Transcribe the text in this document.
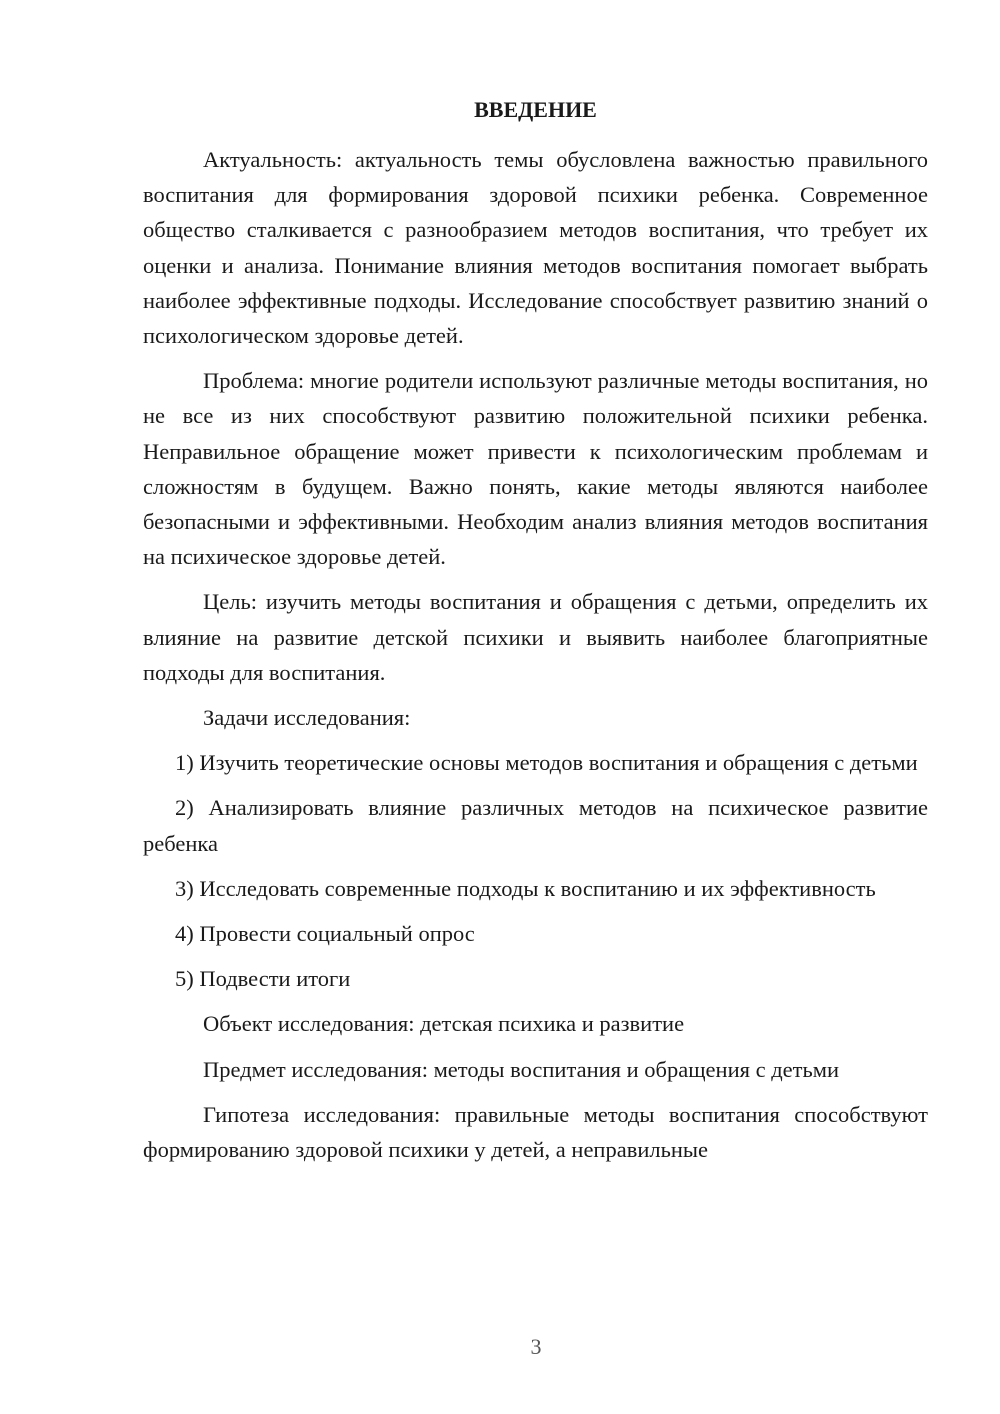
ВВЕДЕНИЕ

Актуальность: актуальность темы обусловлена важностью правильного воспитания для формирования здоровой психики ребенка. Современное общество сталкивается с разнообразием методов воспитания, что требует их оценки и анализа. Понимание влияния методов воспитания помогает выбрать наиболее эффективные подходы. Исследование способствует развитию знаний о психологическом здоровье детей.

Проблема: многие родители используют различные методы воспитания, но не все из них способствуют развитию положительной психики ребенка. Неправильное обращение может привести к психологическим проблемам и сложностям в будущем. Важно понять, какие методы являются наиболее безопасными и эффективными. Необходим анализ влияния методов воспитания на психическое здоровье детей.

Цель: изучить методы воспитания и обращения с детьми, определить их влияние на развитие детской психики и выявить наиболее благоприятные подходы для воспитания.

Задачи исследования:

1) Изучить теоретические основы методов воспитания и обращения с детьми

2) Анализировать влияние различных методов на психическое развитие ребенка

3) Исследовать современные подходы к воспитанию и их эффективность

4) Провести социальный опрос

5) Подвести итоги

Объект исследования: детская психика и развитие

Предмет исследования: методы воспитания и обращения с детьми

Гипотеза исследования: правильные методы воспитания способствуют формированию здоровой психики у детей, а неправильные

3
